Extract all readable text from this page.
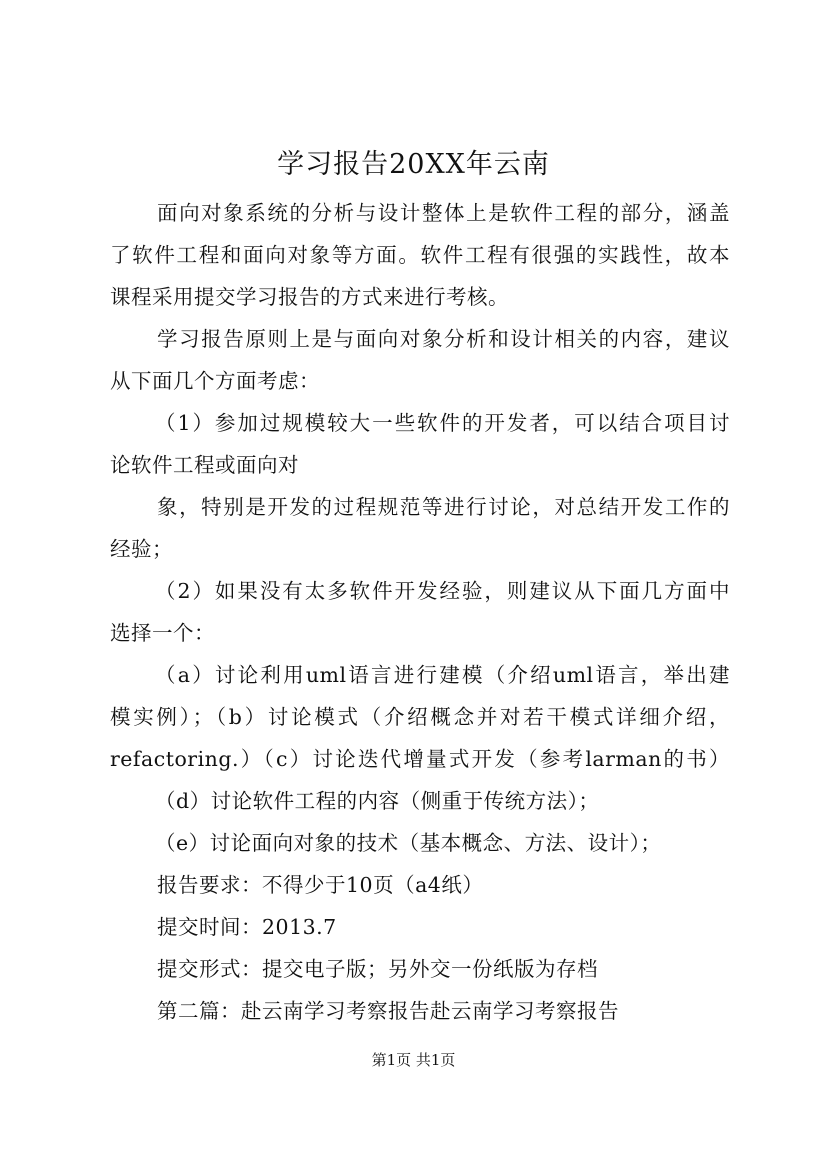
学习报告20XX年云南
面向对象系统的分析与设计整体上是软件工程的部分，涵盖
了软件工程和面向对象等方面。软件工程有很强的实践性，故本
课程采用提交学习报告的方式来进行考核。
学习报告原则上是与面向对象分析和设计相关的内容，建议
从下面几个方面考虑：
（1）参加过规模较大一些软件的开发者，可以结合项目讨
论软件工程或面向对
象，特别是开发的过程规范等进行讨论，对总结开发工作的
经验；
（2）如果没有太多软件开发经验，则建议从下面几方面中
选择一个：
（a）讨论利用uml语言进行建模（介绍uml语言，举出建
模实例）；（b）讨论模式（介绍概念并对若干模式详细介绍，
refactoring.）（c）讨论迭代增量式开发（参考larman的书）
（d）讨论软件工程的内容（侧重于传统方法）；
（e）讨论面向对象的技术（基本概念、方法、设计）；
报告要求：不得少于10页（a4纸）
提交时间：2013.7
提交形式：提交电子版；另外交一份纸版为存档
第二篇：赴云南学习考察报告赴云南学习考察报告
第1页 共1页
